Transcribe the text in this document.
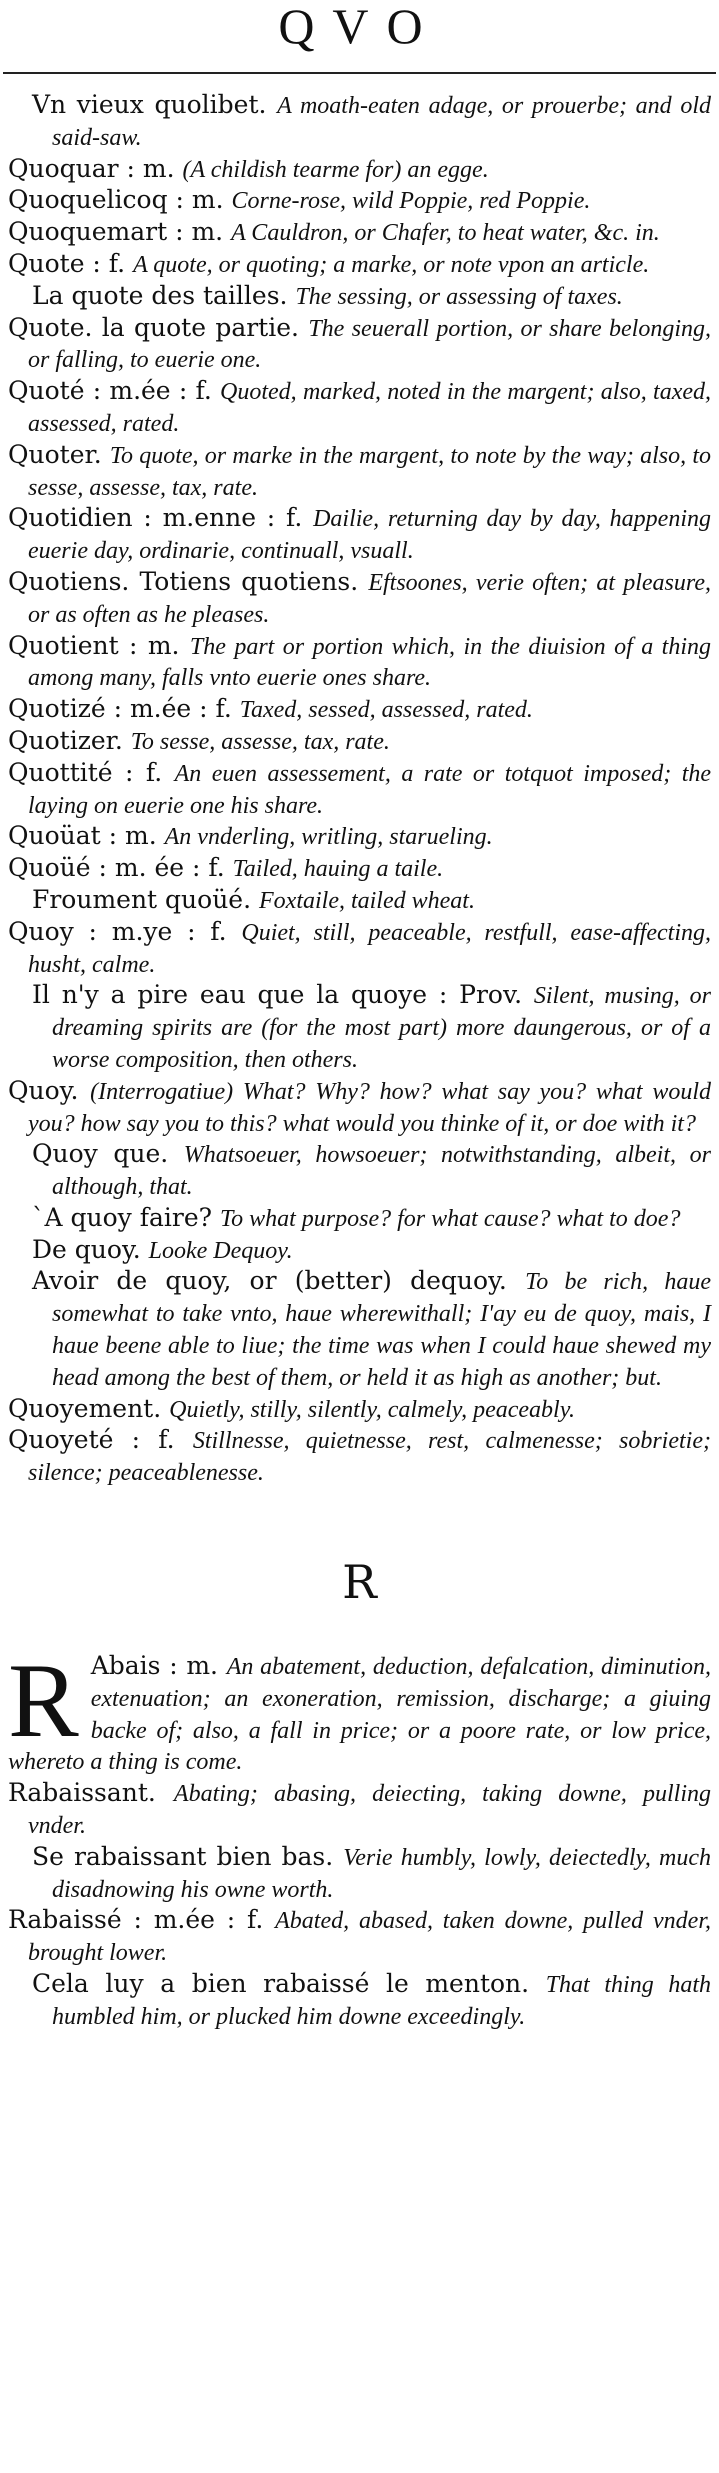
QVO

Vn vieux quolibet. A moath-eaten adage, or prouerbe; and old said-saw.

Quoquar : m. (A childish tearme for) an egge.

Quoquelicoq : m. Corne-rose, wild Poppie, red Poppie.

Quoquemart : m. A Cauldron, or Chafer, to heat water, &c. in.

Quote : f. A quote, or quoting; a marke, or note vpon an article.

La quote des tailles. The sessing, or assessing of taxes.

Quote. la quote partie. The seuerall portion, or share belonging, or falling, to euerie one.

Quoté : m.ée : f. Quoted, marked, noted in the margent; also, taxed, assessed, rated.

Quoter. To quote, or marke in the margent, to note by the way; also, to sesse, assesse, tax, rate.

Quotidien : m.enne : f. Dailie, returning day by day, happening euerie day, ordinarie, continuall, vsuall.

Quotiens. Totiens quotiens. Eftsoones, verie often; at pleasure, or as often as he pleases.

Quotient : m. The part or portion which, in the diuision of a thing among many, falls vnto euerie ones share.

Quotizé : m.ée : f. Taxed, sessed, assessed, rated.

Quotizer. To sesse, assesse, tax, rate.

Quottité : f. An euen assessement, a rate or totquot imposed; the laying on euerie one his share.

Quoüat : m. An vnderling, writling, starueling.

Quoüé : m. ée : f. Tailed, hauing a taile.

Froument quoüé. Foxtaile, tailed wheat.

Quoy : m.ye : f. Quiet, still, peaceable, restfull, ease-affecting, husht, calme.

Il n'y a pire eau que la quoye : Prov. Silent, musing, or dreaming spirits are (for the most part) more daungerous, or of a worse composition, then others.

Quoy. (Interrogatiue) What? Why? how? what say you? what would you? how say you to this? what would you thinke of it, or doe with it?

Quoy que. Whatsoeuer, howsoeuer; notwithstanding, albeit, or although, that.

`A quoy faire? To what purpose? for what cause? what to doe?

De quoy. Looke Dequoy.

Avoir de quoy, or (better) dequoy. To be rich, haue somewhat to take vnto, haue wherewithall; I'ay eu de quoy, mais, I haue beene able to liue; the time was when I could haue shewed my head among the best of them, or held it as high as another; but.

Quoyement. Quietly, stilly, silently, calmely, peaceably.

Quoyeté : f. Stillnesse, quietnesse, rest, calmenesse; sobrietie; silence; peaceablenesse.

R
R Abais : m. An abatement, deduction, defalcation, diminution, extenuation; an exoneration, remission, discharge; a giuing backe of; also, a fall in price; or a poore rate, or low price, whereto a thing is come.

Rabaissant. Abating; abasing, deiecting, taking downe, pulling vnder.

Se rabaissant bien bas. Verie humbly, lowly, deiectedly, much disadnowing his owne worth.

Rabaissé : m.ée : f. Abated, abased, taken downe, pulled vnder, brought lower.

Cela luy a bien rabaissé le menton. That thing hath humbled him, or plucked him downe exceedingly.
